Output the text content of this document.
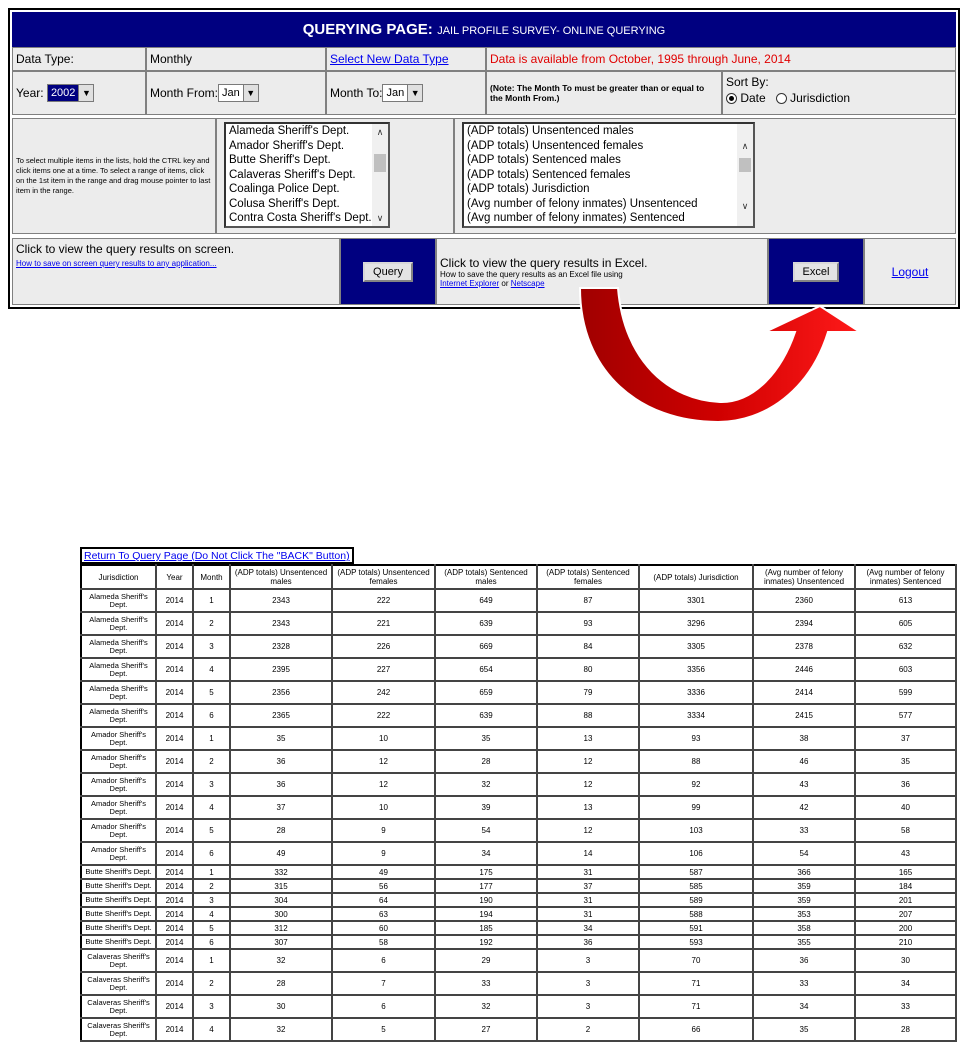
QUERYING PAGE: JAIL PROFILE SURVEY- ONLINE QUERYING
Data Type:	Monthly	Select New Data Type	Data is available from October, 1995 through June, 2014
Year:
2002 ▼	Month From: Jan ▼	Month To: Jan ▼	(Note: The Month To must be greater than or equal to the Month From.)
Sort By:
Date Jurisdiction
To select multiple items in the lists, hold the CTRL key and click items one at a time. To select a range of items, click on the 1st item in the range and drag mouse pointer to last item in the range.
Alameda Sheriff's Dept.
Amador Sheriff's Dept.
Butte Sheriff's Dept.
Calaveras Sheriff's Dept.
Coalinga Police Dept.
Colusa Sheriff's Dept.
Contra Costa Sheriff's Dept.
∧
∨
(ADP totals) Unsentenced males
(ADP totals) Unsentenced females
(ADP totals) Sentenced males
(ADP totals) Sentenced females
(ADP totals) Jurisdiction
(Avg number of felony inmates) Unsentenced
(Avg number of felony inmates) Sentenced
∧
∨
Click to view the query results on screen.
How to save on screen query results to any application...
Query
Click to view the query results in Excel.
How to save the query results as an Excel file using
Internet Explorer or Netscape
Excel	Logout
Return To Query Page (Do Not Click The "BACK" Button)
Jurisdiction	Year	Month	(ADP totals) Unsentenced males	(ADP totals) Unsentenced females	(ADP totals) Sentenced males	(ADP totals) Sentenced females	(ADP totals) Jurisdiction	(Avg number of felony inmates) Unsentenced	(Avg number of felony inmates) Sentenced
Alameda Sheriff's Dept.	2014	1	2343	222	649	87	3301	2360	613
Alameda Sheriff's Dept.	2014	2	2343	221	639	93	3296	2394	605
Alameda Sheriff's Dept.	2014	3	2328	226	669	84	3305	2378	632
Alameda Sheriff's Dept.	2014	4	2395	227	654	80	3356	2446	603
Alameda Sheriff's Dept.	2014	5	2356	242	659	79	3336	2414	599
Alameda Sheriff's Dept.	2014	6	2365	222	639	88	3334	2415	577
Amador Sheriff's Dept.	2014	1	35	10	35	13	93	38	37
Amador Sheriff's Dept.	2014	2	36	12	28	12	88	46	35
Amador Sheriff's Dept.	2014	3	36	12	32	12	92	43	36
Amador Sheriff's Dept.	2014	4	37	10	39	13	99	42	40
Amador Sheriff's Dept.	2014	5	28	9	54	12	103	33	58
Amador Sheriff's Dept.	2014	6	49	9	34	14	106	54	43
Butte Sheriff's Dept.	2014	1	332	49	175	31	587	366	165
Butte Sheriff's Dept.	2014	2	315	56	177	37	585	359	184
Butte Sheriff's Dept.	2014	3	304	64	190	31	589	359	201
Butte Sheriff's Dept.	2014	4	300	63	194	31	588	353	207
Butte Sheriff's Dept.	2014	5	312	60	185	34	591	358	200
Butte Sheriff's Dept.	2014	6	307	58	192	36	593	355	210
Calaveras Sheriff's Dept.	2014	1	32	6	29	3	70	36	30
Calaveras Sheriff's Dept.	2014	2	28	7	33	3	71	33	34
Calaveras Sheriff's Dept.	2014	3	30	6	32	3	71	34	33
Calaveras Sheriff's Dept.	2014	4	32	5	27	2	66	35	28
